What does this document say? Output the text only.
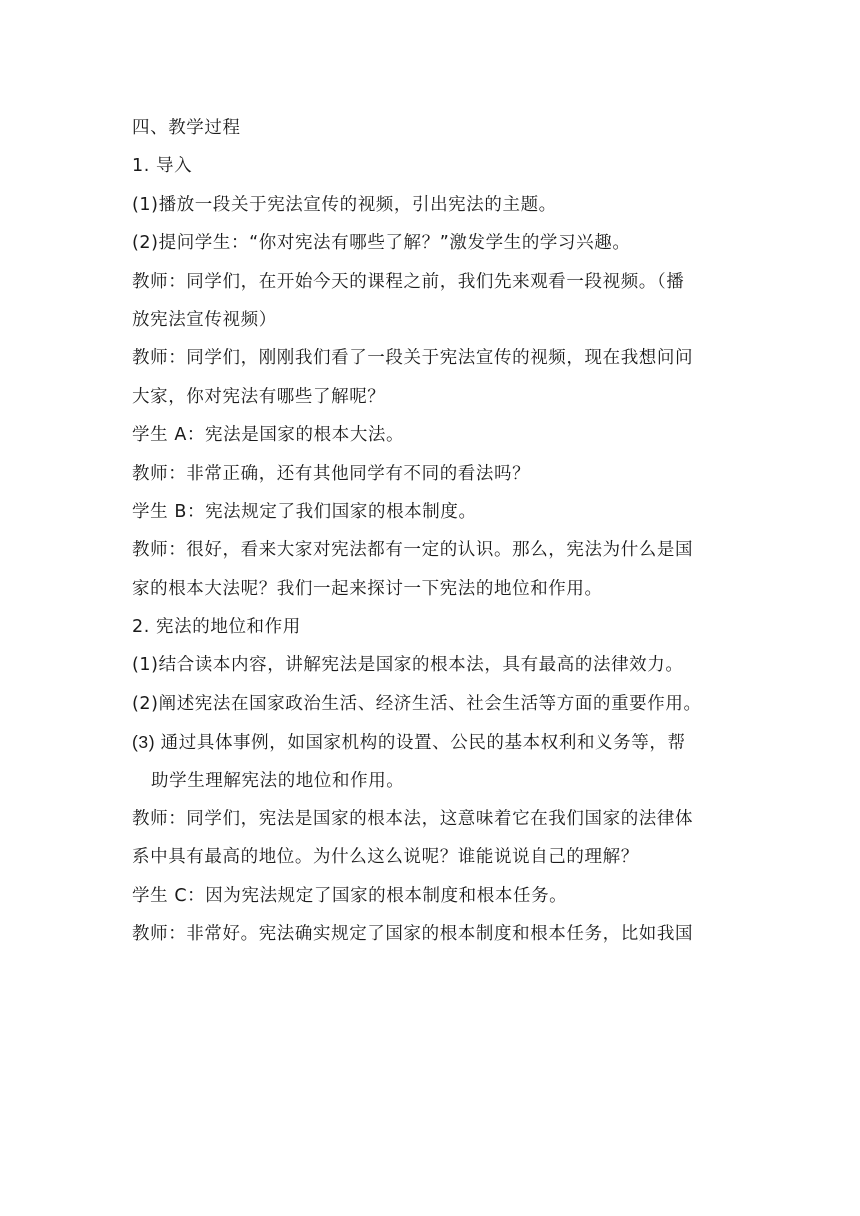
四、教学过程
1. 导入
(1)播放一段关于宪法宣传的视频，引出宪法的主题。
(2)提问学生：“你对宪法有哪些了解？”激发学生的学习兴趣。
教师：同学们，在开始今天的课程之前，我们先来观看一段视频。（播
放宪法宣传视频）
教师：同学们，刚刚我们看了一段关于宪法宣传的视频，现在我想问问
大家，你对宪法有哪些了解呢？
学生 A：宪法是国家的根本大法。
教师：非常正确，还有其他同学有不同的看法吗？
学生 B：宪法规定了我们国家的根本制度。
教师：很好，看来大家对宪法都有一定的认识。那么，宪法为什么是国
家的根本大法呢？我们一起来探讨一下宪法的地位和作用。
2. 宪法的地位和作用
(1)结合读本内容，讲解宪法是国家的根本法，具有最高的法律效力。
(2)阐述宪法在国家政治生活、经济生活、社会生活等方面的重要作用。
(3) 通过具体事例，如国家机构的设置、公民的基本权利和义务等，帮
助学生理解宪法的地位和作用。
教师：同学们，宪法是国家的根本法，这意味着它在我们国家的法律体
系中具有最高的地位。为什么这么说呢？谁能说说自己的理解？
学生 C：因为宪法规定了国家的根本制度和根本任务。
教师：非常好。宪法确实规定了国家的根本制度和根本任务，比如我国
